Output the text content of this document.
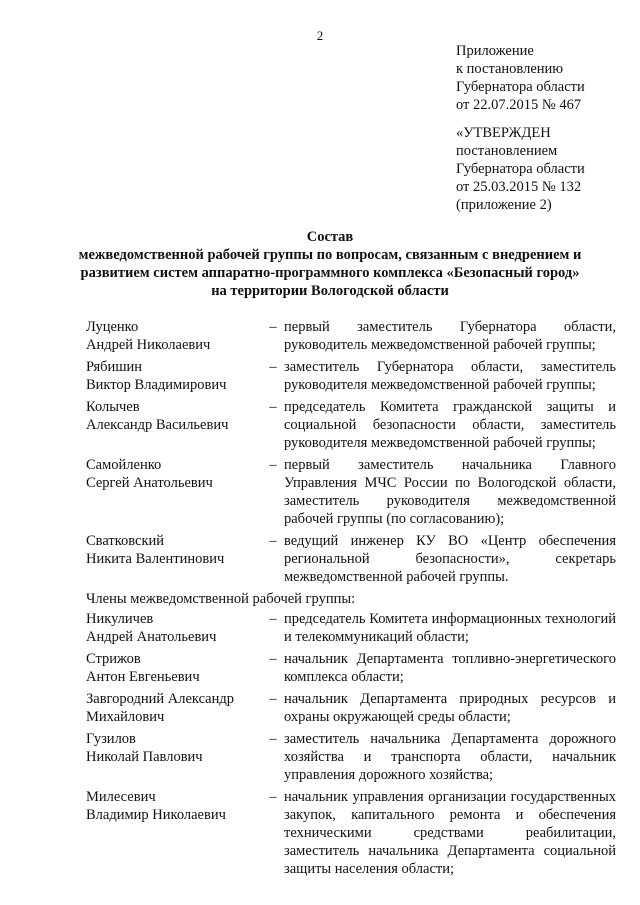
2
Приложение
к постановлению
Губернатора области
от 22.07.2015 № 467
«УТВЕРЖДЕН
постановлением
Губернатора области
от 25.03.2015 № 132
(приложение 2)
Состав
межведомственной рабочей группы по вопросам, связанным с внедрением и
развитием систем аппаратно-программного комплекса «Безопасный город»
на территории Вологодской области
Луценко
Андрей Николаевич
– первый заместитель Губернатора области, руководитель межведомственной рабочей группы;
Рябишин
Виктор Владимирович
– заместитель Губернатора области, заместитель руководителя межведомственной рабочей группы;
Колычев
Александр Васильевич
– председатель Комитета гражданской защиты и социальной безопасности области, заместитель руководителя межведомственной рабочей группы;
Самойленко
Сергей Анатольевич
– первый заместитель начальника Главного Управления МЧС России по Вологодской области, заместитель руководителя межведомственной рабочей группы (по согласованию);
Сватковский
Никита Валентинович
– ведущий инженер КУ ВО «Центр обеспечения региональной безопасности», секретарь межведомственной рабочей группы.
Члены межведомственной рабочей группы:
Никуличев
Андрей Анатольевич
– председатель Комитета информационных технологий и телекоммуникаций области;
Стрижов
Антон Евгеньевич
– начальник Департамента топливно-энергетического комплекса области;
Завгородний Александр
Михайлович
– начальник Департамента природных ресурсов и охраны окружающей среды области;
Гузилов
Николай Павлович
– заместитель начальника Департамента дорожного хозяйства и транспорта области, начальник управления дорожного хозяйства;
Милесевич
Владимир Николаевич
– начальник управления организации государственных закупок, капитального ремонта и обеспечения техническими средствами реабилитации, заместитель начальника Департамента социальной защиты населения области;
